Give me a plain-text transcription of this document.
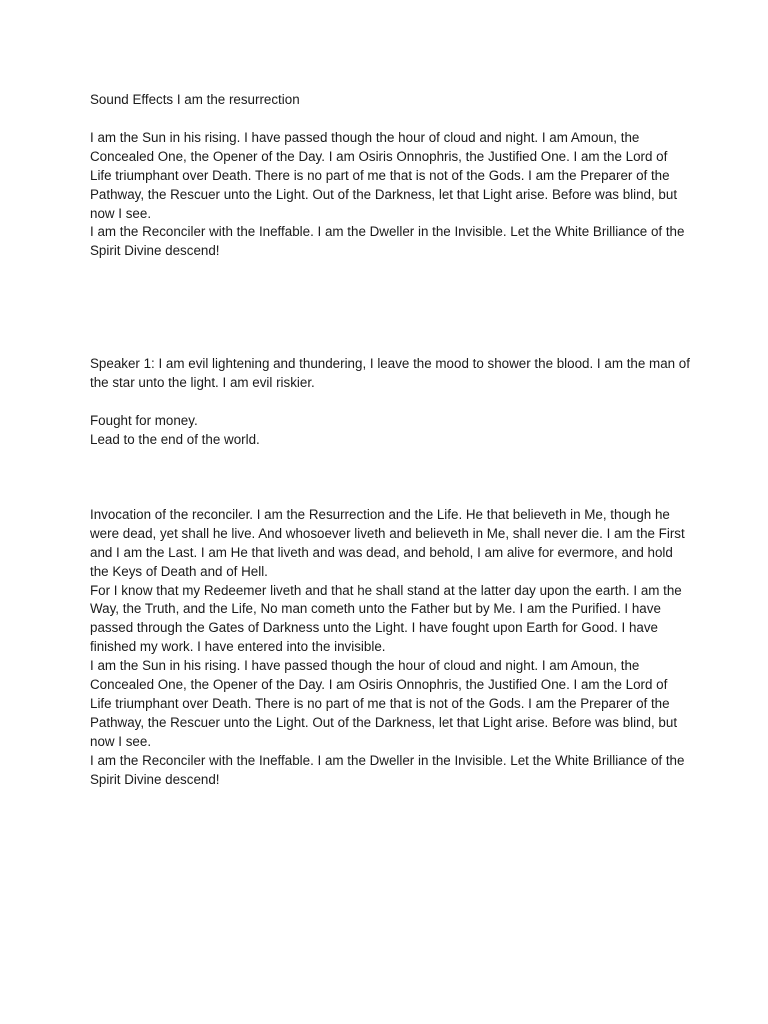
Sound Effects I am the resurrection

I am the Sun in his rising. I have passed though the hour of cloud and night. I am Amoun, the Concealed One, the Opener of the Day. I am Osiris Onnophris, the Justified One. I am the Lord of Life triumphant over Death. There is no part of me that is not of the Gods. I am the Preparer of the Pathway, the Rescuer unto the Light. Out of the Darkness, let that Light arise. Before was blind, but now I see.

I am the Reconciler with the Ineffable. I am the Dweller in the Invisible. Let the White Brilliance of the Spirit Divine descend!

Speaker 1: I am evil lightening and thundering, I leave the mood to shower the blood. I am the man of the star unto the light. I am evil riskier.

Fought for money.

Lead to the end of the world.

Invocation of the reconciler. I am the Resurrection and the Life. He that believeth in Me, though he were dead, yet shall he live. And whosoever liveth and believeth in Me, shall never die. I am the First and I am the Last. I am He that liveth and was dead, and behold, I am alive for evermore, and hold the Keys of Death and of Hell.

For I know that my Redeemer liveth and that he shall stand at the latter day upon the earth. I am the Way, the Truth, and the Life, No man cometh unto the Father but by Me. I am the Purified. I have passed through the Gates of Darkness unto the Light. I have fought upon Earth for Good. I have finished my work. I have entered into the invisible.

I am the Sun in his rising. I have passed though the hour of cloud and night. I am Amoun, the Concealed One, the Opener of the Day. I am Osiris Onnophris, the Justified One. I am the Lord of Life triumphant over Death. There is no part of me that is not of the Gods. I am the Preparer of the Pathway, the Rescuer unto the Light. Out of the Darkness, let that Light arise. Before was blind, but now I see.

I am the Reconciler with the Ineffable. I am the Dweller in the Invisible. Let the White Brilliance of the Spirit Divine descend!
